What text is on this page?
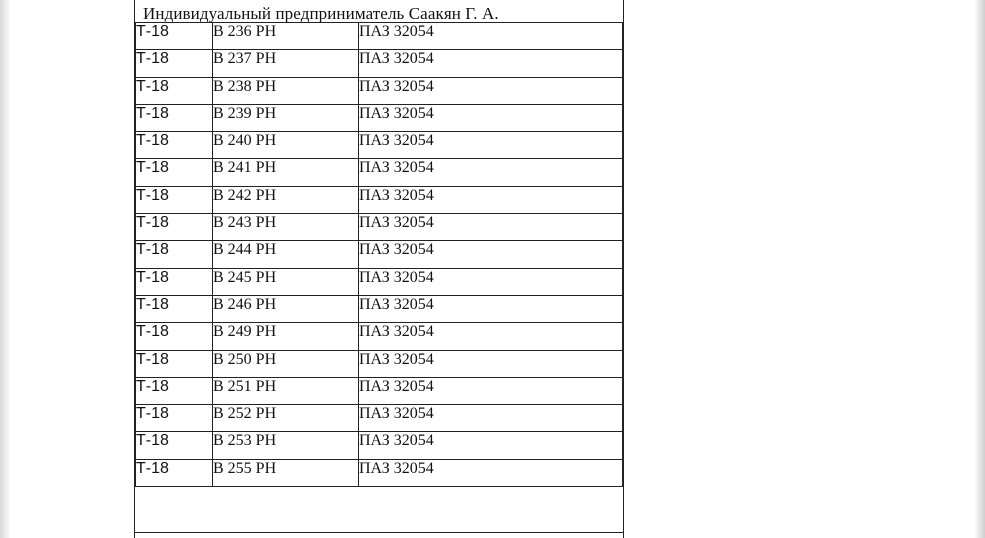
Индивидуальный предприниматель Саакян Г. А.
Т-18	В 236 РН	ПАЗ 32054
Т-18	В 237 РН	ПАЗ 32054
Т-18	В 238 РН	ПАЗ 32054
Т-18	В 239 РН	ПАЗ 32054
Т-18	В 240 РН	ПАЗ 32054
Т-18	В 241 РН	ПАЗ 32054
Т-18	В 242 РН	ПАЗ 32054
Т-18	В 243 РН	ПАЗ 32054
Т-18	В 244 РН	ПАЗ 32054
Т-18	В 245 РН	ПАЗ 32054
Т-18	В 246 РН	ПАЗ 32054
Т-18	В 249 РН	ПАЗ 32054
Т-18	В 250 РН	ПАЗ 32054
Т-18	В 251 РН	ПАЗ 32054
Т-18	В 252 РН	ПАЗ 32054
Т-18	В 253 РН	ПАЗ 32054
Т-18	В 255 РН	ПАЗ 32054
